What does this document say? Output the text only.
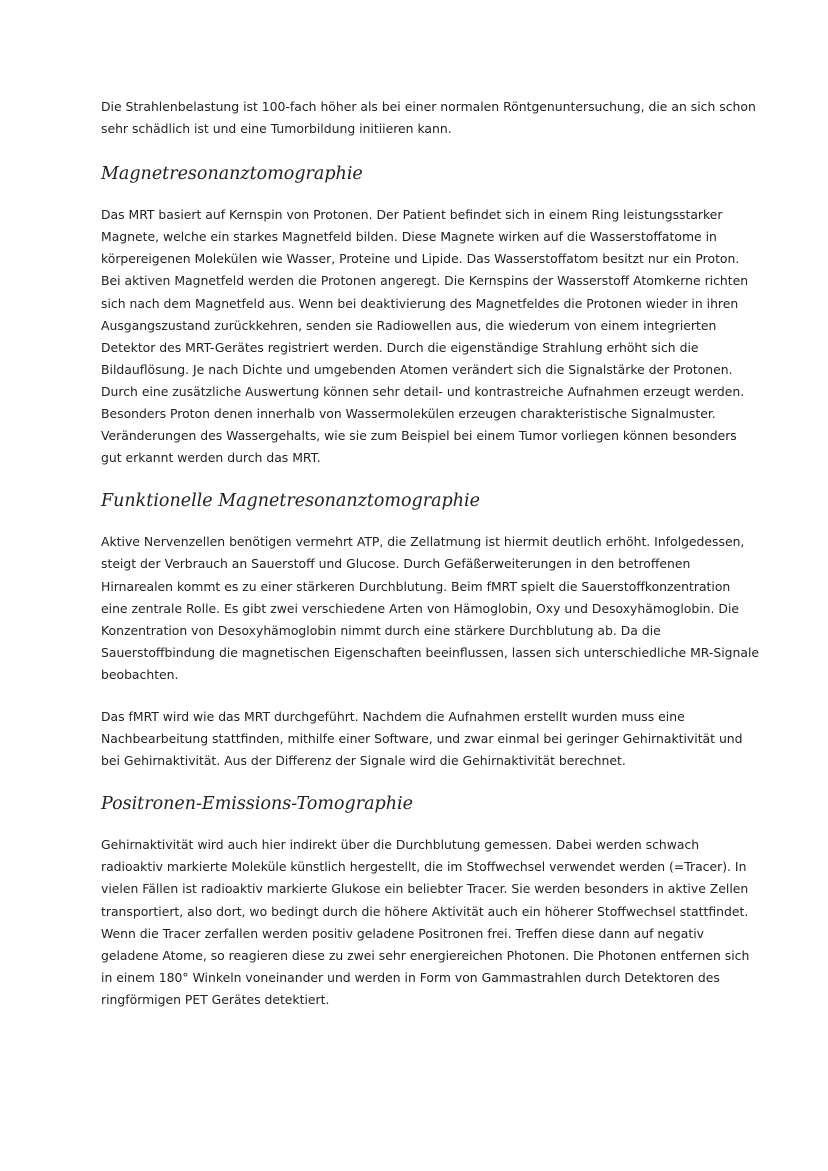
Die Strahlenbelastung ist 100-fach höher als bei einer normalen Röntgenuntersuchung, die an sich schon
sehr schädlich ist und eine Tumorbildung initiieren kann.

Magnetresonanztomographie

Das MRT basiert auf Kernspin von Protonen. Der Patient befindet sich in einem Ring leistungsstarker
Magnete, welche ein starkes Magnetfeld bilden. Diese Magnete wirken auf die Wasserstoffatome in
körpereigenen Molekülen wie Wasser, Proteine und Lipide. Das Wasserstoffatom besitzt nur ein Proton.
Bei aktiven Magnetfeld werden die Protonen angeregt. Die Kernspins der Wasserstoff Atomkerne richten
sich nach dem Magnetfeld aus. Wenn bei deaktivierung des Magnetfeldes die Protonen wieder in ihren
Ausgangszustand zurückkehren, senden sie Radiowellen aus, die wiederum von einem integrierten
Detektor des MRT-Gerätes registriert werden. Durch die eigenständige Strahlung erhöht sich die
Bildauflösung. Je nach Dichte und umgebenden Atomen verändert sich die Signalstärke der Protonen.
Durch eine zusätzliche Auswertung können sehr detail- und kontrastreiche Aufnahmen erzeugt werden.
Besonders Proton denen innerhalb von Wassermolekülen erzeugen charakteristische Signalmuster.
Veränderungen des Wassergehalts, wie sie zum Beispiel bei einem Tumor vorliegen können besonders
gut erkannt werden durch das MRT.

Funktionelle Magnetresonanztomographie

Aktive Nervenzellen benötigen vermehrt ATP, die Zellatmung ist hiermit deutlich erhöht. Infolgedessen,
steigt der Verbrauch an Sauerstoff und Glucose. Durch Gefäßerweiterungen in den betroffenen
Hirnarealen kommt es zu einer stärkeren Durchblutung. Beim fMRT spielt die Sauerstoffkonzentration
eine zentrale Rolle. Es gibt zwei verschiedene Arten von Hämoglobin, Oxy und Desoxyhämoglobin. Die
Konzentration von Desoxyhämoglobin nimmt durch eine stärkere Durchblutung ab. Da die
Sauerstoffbindung die magnetischen Eigenschaften beeinflussen, lassen sich unterschiedliche MR-Signale
beobachten.

Das fMRT wird wie das MRT durchgeführt. Nachdem die Aufnahmen erstellt wurden muss eine
Nachbearbeitung stattfinden, mithilfe einer Software, und zwar einmal bei geringer Gehirnaktivität und
bei Gehirnaktivität. Aus der Differenz der Signale wird die Gehirnaktivität berechnet.

Positronen-Emissions-Tomographie

Gehirnaktivität wird auch hier indirekt über die Durchblutung gemessen. Dabei werden schwach
radioaktiv markierte Moleküle künstlich hergestellt, die im Stoffwechsel verwendet werden (=Tracer). In
vielen Fällen ist radioaktiv markierte Glukose ein beliebter Tracer. Sie werden besonders in aktive Zellen
transportiert, also dort, wo bedingt durch die höhere Aktivität auch ein höherer Stoffwechsel stattfindet.
Wenn die Tracer zerfallen werden positiv geladene Positronen frei. Treffen diese dann auf negativ
geladene Atome, so reagieren diese zu zwei sehr energiereichen Photonen. Die Photonen entfernen sich
in einem 180° Winkeln voneinander und werden in Form von Gammastrahlen durch Detektoren des
ringförmigen PET Gerätes detektiert.
